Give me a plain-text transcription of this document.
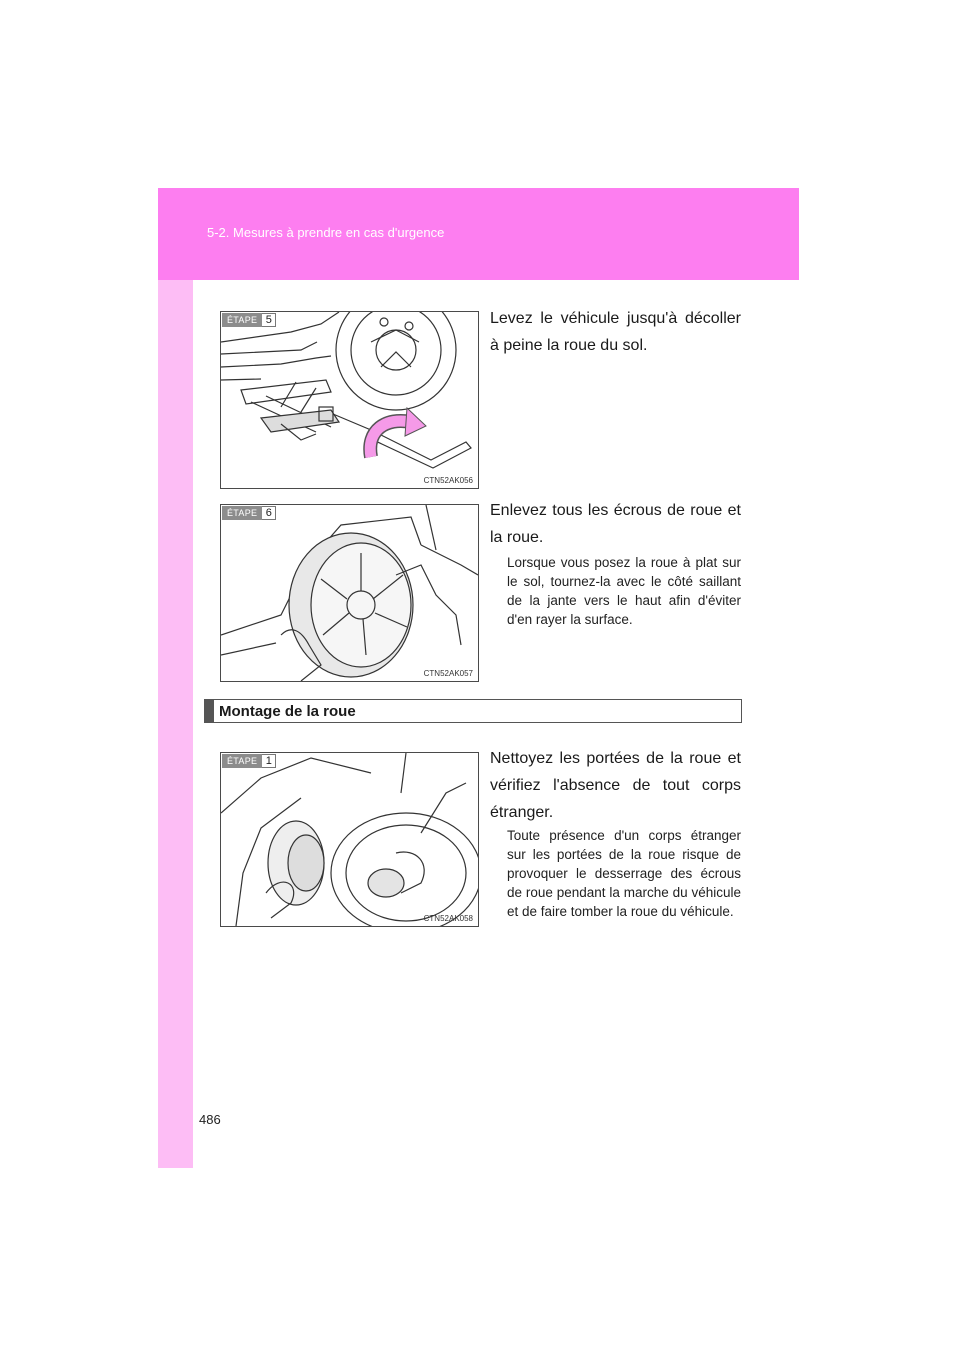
5-2. Mesures à prendre en cas d'urgence
ÉTAPE 5
CTN52AK056
Levez le véhicule jusqu'à décoller à peine la roue du sol.
ÉTAPE 6
CTN52AK057
Enlevez tous les écrous de roue et la roue.
Lorsque vous posez la roue à plat sur le sol, tournez-la avec le côté saillant de la jante vers le haut afin d'éviter d'en rayer la surface.
Montage de la roue
ÉTAPE 1
CTN52AK058
Nettoyez les portées de la roue et vérifiez l'absence de tout corps étranger.
Toute présence d'un corps étranger sur les portées de la roue risque de provoquer le desserrage des écrous de roue pendant la marche du véhicule et de faire tomber la roue du véhicule.
486
